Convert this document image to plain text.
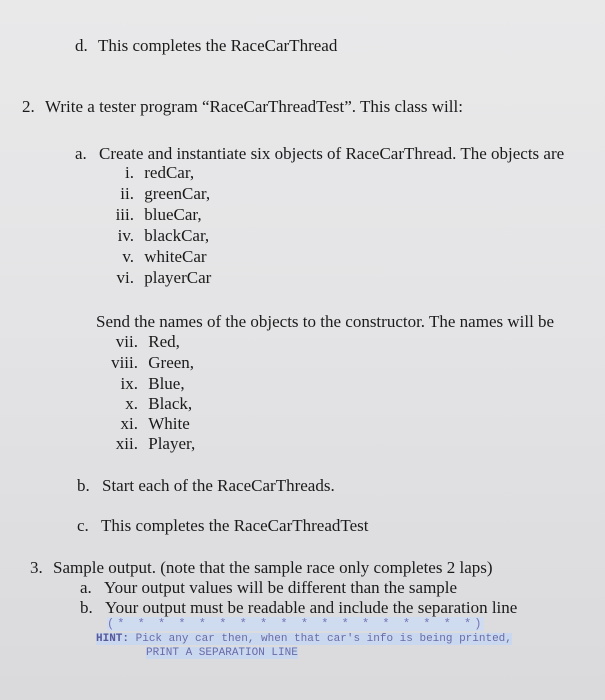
d. This completes the RaceCarThread
2. Write a tester program “RaceCarThreadTest”. This class will:
a. Create and instantiate six objects of RaceCarThread. The objects are
i. redCar,
ii. greenCar,
iii. blueCar,
iv. blackCar,
v. whiteCar
vi. playerCar
Send the names of the objects to the constructor. The names will be
vii. Red,
viii. Green,
ix. Blue,
x. Black,
xi. White
xii. Player,
b. Start each of the RaceCarThreads.
c. This completes the RaceCarThreadTest
3. Sample output. (note that the sample race only completes 2 laps)
a. Your output values will be different than the sample
b. Your output must be readable and include the separation line
(* * * * * * * * * * * * * * * * * *)
HINT: Pick any car then, when that car's info is being printed,
PRINT A SEPARATION LINE
